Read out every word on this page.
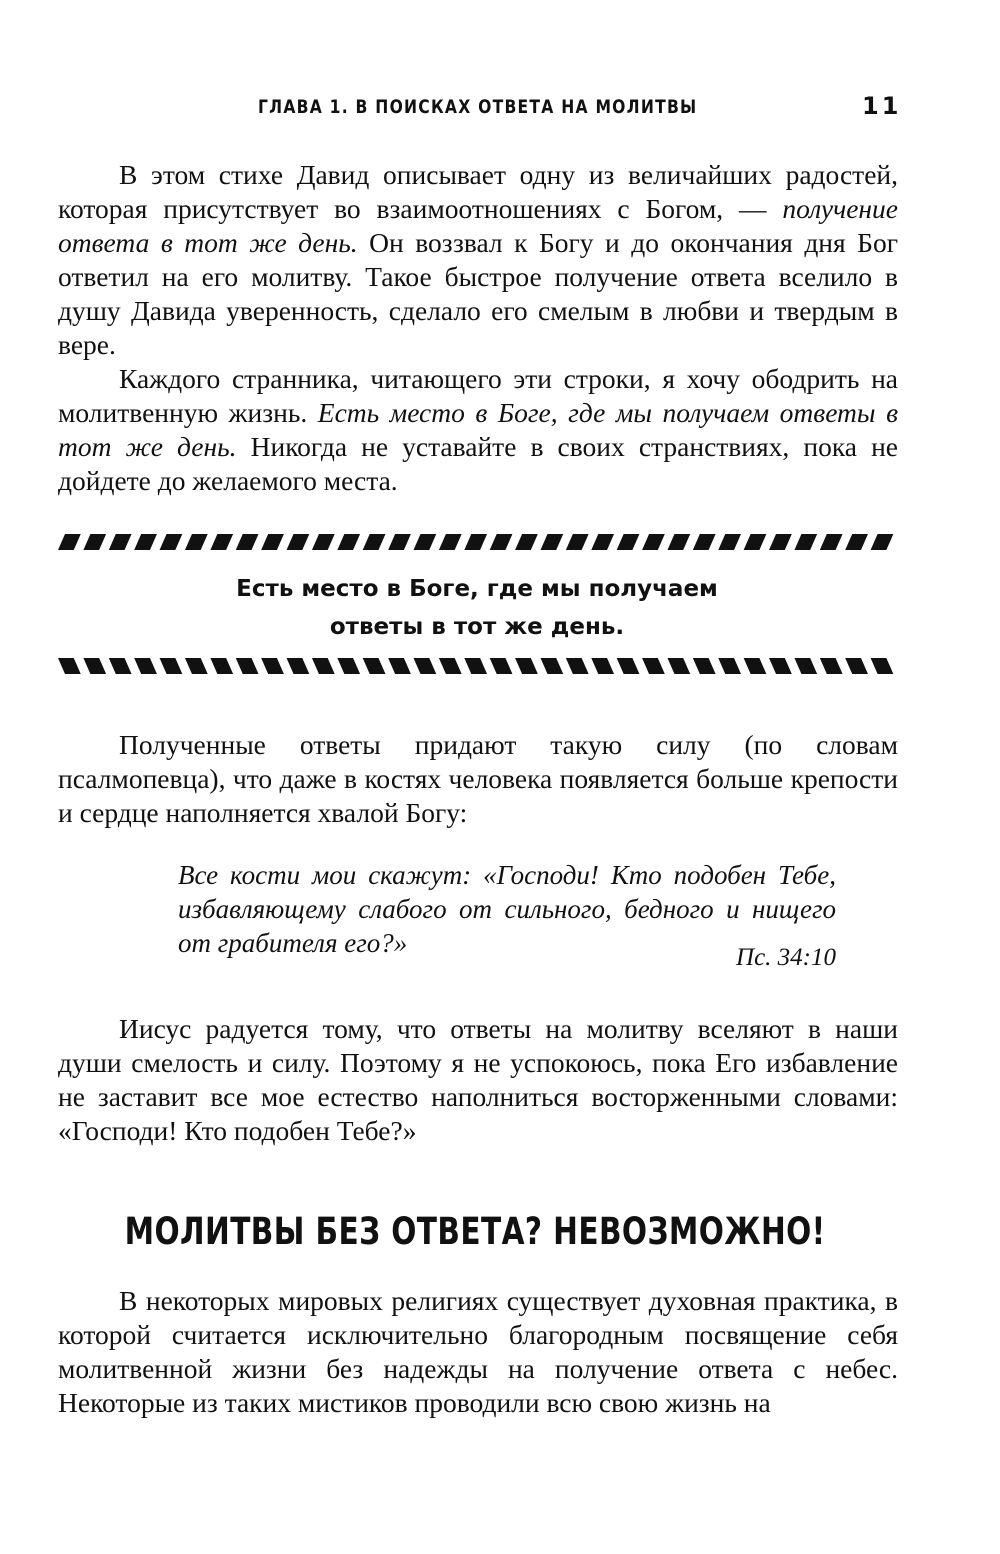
ГЛАВА 1. В ПОИСКАХ ОТВЕТА НА МОЛИТВЫ	11

В этом стихе Давид описывает одну из величайших радостей, которая присутствует во взаимоотношениях с Богом, — получение ответа в тот же день. Он воззвал к Богу и до окончания дня Бог ответил на его молитву. Такое быстрое получение ответа вселило в душу Давида уверенность, сделало его смелым в любви и твердым в вере.

Каждого странника, читающего эти строки, я хочу ободрить на молитвенную жизнь. Есть место в Боге, где мы получаем ответы в тот же день. Никогда не уставайте в своих странствиях, пока не дойдете до желаемого места.

Есть место в Боге, где мы получаем
ответы в тот же день.

Полученные ответы придают такую силу (по словам псалмопевца), что даже в костях человека появляется больше крепости и сердце наполняется хвалой Богу:

Все кости мои скажут: «Господи! Кто подобен Тебе, избавляющему слабого от сильного, бедного и нищего от грабителя его?»	Пс. 34:10

Иисус радуется тому, что ответы на молитву вселяют в наши души смелость и силу. Поэтому я не успокоюсь, пока Его избавление не заставит все мое естество наполниться восторженными словами: «Господи! Кто подобен Тебе?»

МОЛИТВЫ БЕЗ ОТВЕТА? НЕВОЗМОЖНО!

В некоторых мировых религиях существует духовная практика, в которой считается исключительно благородным посвящение себя молитвенной жизни без надежды на получение ответа с небес. Некоторые из таких мистиков проводили всю свою жизнь на
